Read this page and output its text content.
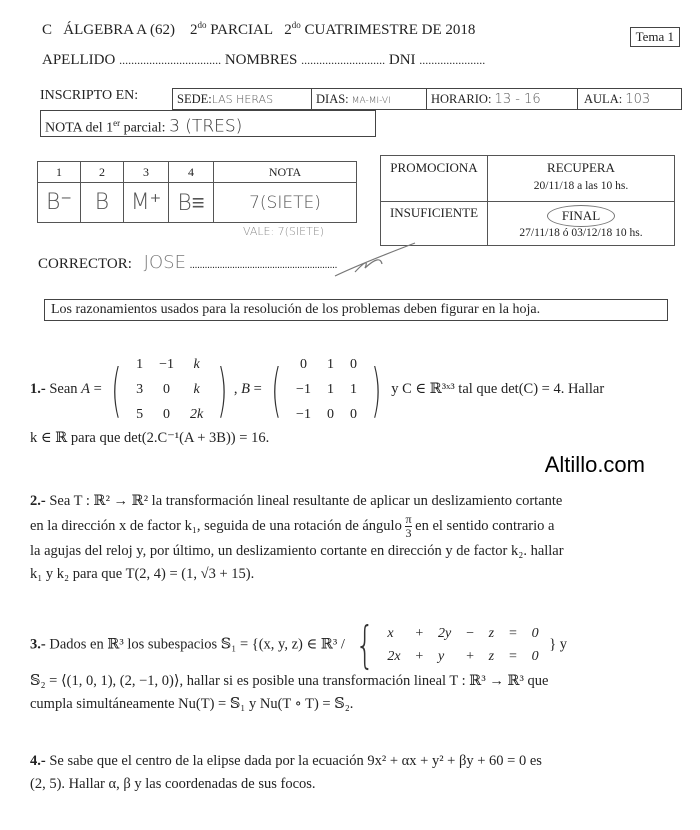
C ÁLGEBRA A (62) $2^{do}$ PARCIAL $2^{do}$ CUATRIMESTRE DE 2018	Tema 1
APELLIDO .................................. NOMBRES ............................ DNI ......................
INSCRIPTO EN:	SEDE:LAS HERAS	DIAS: MA-MI-VI	HORARIO: 13 - 16	AULA: 103
NOTA del 1er parcial: 3 (TRES)
1	2	3	4	NOTA
B⁻	B	M⁺	B≡	7(SIETE)
VALE: 7(SIETE)
PROMOCIONA	RECUPERA
20/11/18 a las 10 hs.

INSUFICIENTE	FINAL
27/11/18 ó 03/12/18 10 hs.
CORRECTOR: JOSE ...........................................................
Los razonamientos usados para la resolución de los problemas deben figurar en la hoja.
1.- Sean A = ( 1	−1	k
3	0	k
5	0	2k ) , B = ( 0	1	0
−1	1	1
−1	0	0 ) y C ∈ ℝ³ˣ³ tal que det(C) = 4. Hallar
k ∈ ℝ para que det(2.C⁻¹(A + 3B)) = 16.
Altillo.com
2.- Sea T : ℝ² → ℝ² la transformación lineal resultante de aplicar un deslizamiento cortante
en la dirección x de factor k₁, seguida de una rotación de ángulo $\frac{\pi}{3}$ en el sentido contrario a
la agujas del reloj y, por último, un deslizamiento cortante en dirección y de factor k₂. hallar
k₁ y k₂ para que T(2, 4) = (1, √3 + 15).
3.- Dados en ℝ³ los subespacios 𝕊₁ = {(x, y, z) ∈ ℝ³ / { x	+	2y	−	z	=	0
2x	+	y	+	z	=	0
} y
𝕊₂ = ⟨(1, 0, 1), (2, −1, 0)⟩, hallar si es posible una transformación lineal T : ℝ³ → ℝ³ que
cumpla simultáneamente Nu(T) = 𝕊₁ y Nu(T ∘ T) = 𝕊₂.
4.- Se sabe que el centro de la elipse dada por la ecuación 9x² + αx + y² + βy + 60 = 0 es
(2, 5). Hallar α, β y las coordenadas de sus focos.
